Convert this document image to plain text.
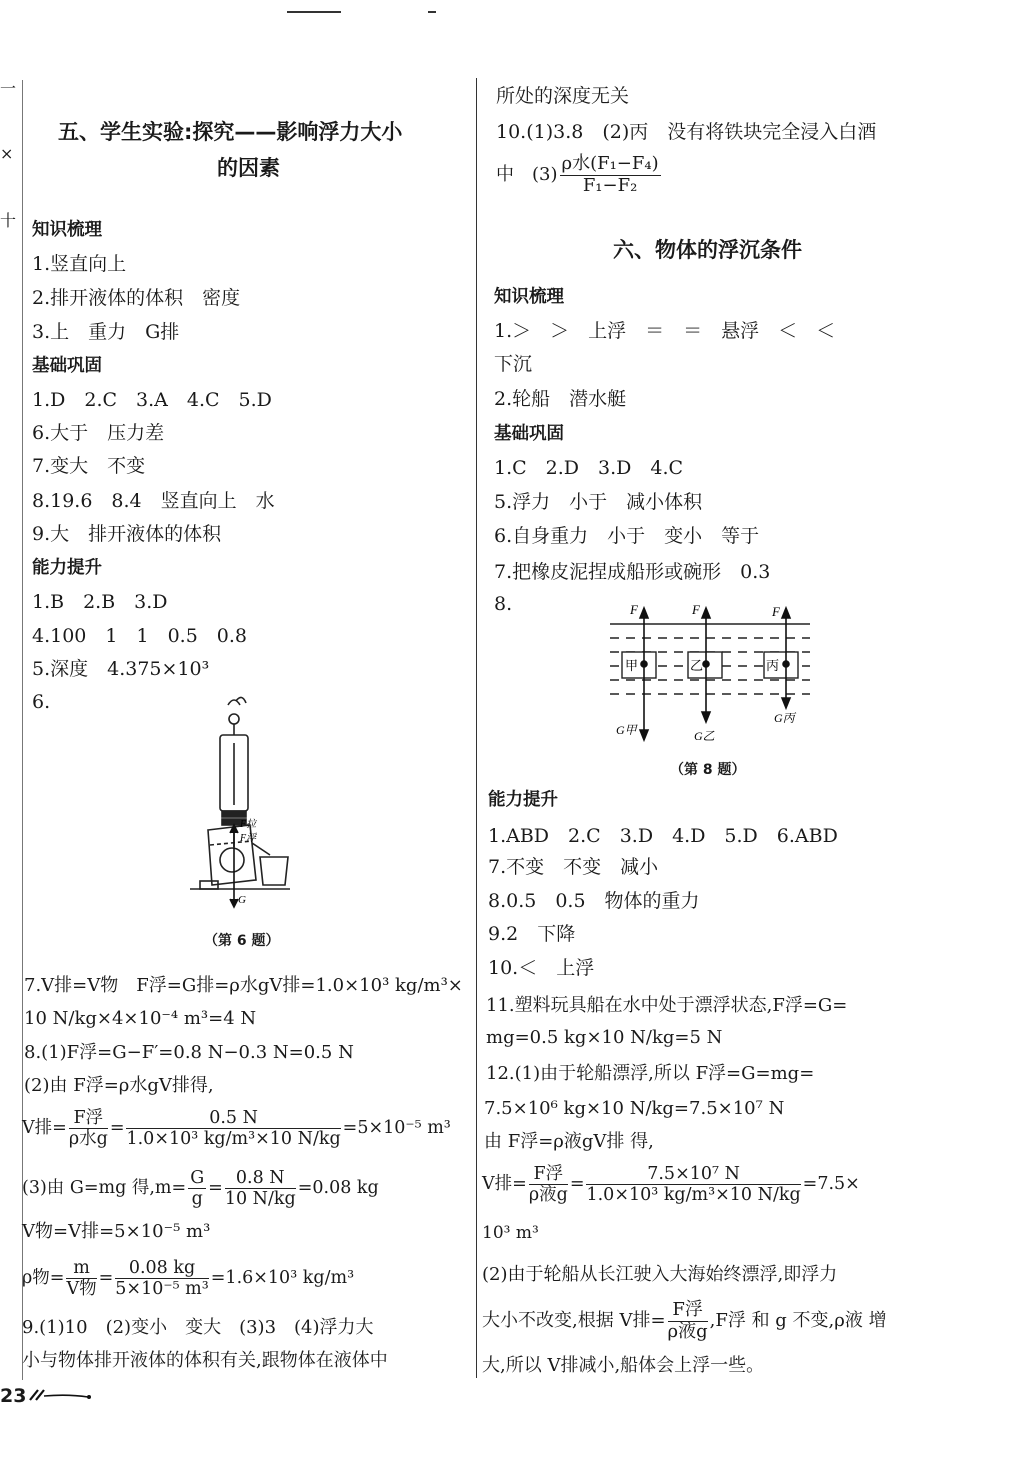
一
×
十
五、学生实验:探究——影响浮力大小
的因素
知识梳理
1.竖直向上
2.排开液体的体积　密度
3.上　重力　G排
基础巩固
1.D　2.C　3.A　4.C　5.D
6.大于　压力差
7.变大　不变
8.19.6　8.4　竖直向上　水
9.大　排开液体的体积
能力提升
1.B　2.B　3.D
4.100　1　1　0.5　0.8
5.深度　4.375×10³
6.
F拉
F浮
G
（第 6 题）
7.V排=V物　F浮=G排=ρ水gV排=1.0×10³ kg/m³×
10 N/kg×4×10⁻⁴ m³=4 N
8.(1)F浮=G−F′=0.8 N−0.3 N=0.5 N
(2)由 F浮=ρ水gV排得,
V排= $\frac{\text{F浮}}{\text{ρ水g}} = \frac{0.5 N}{\text{1.0×10³ kg/m³×10 N/kg}} =5\times 10^{-5}$ m³
(3)由 G=mg 得$,m= \frac{G}{g} = \frac{0.8 N}{10 N/kg} =0.08$ kg
V物=V排=5×10⁻⁵ m³
ρ物= $\frac{m}{\text{V物}} = \frac{0.08 kg}{\text{5×10⁻⁵ m³}} =1.6\times 10^3$ kg/m³
9.(1)10　(2)变小　变大　(3)3　(4)浮力大
小与物体排开液体的体积有关,跟物体在液体中
23
所处的深度无关
10.(1)3.8　(2)丙　没有将铁块完全浸入白酒
中　$(3) \frac{\text{ρ水(F₁−F₄)}}{\text{F₁−F₂}}$
六、物体的浮沉条件
知识梳理
1.＞　＞　上浮　＝　＝　悬浮　＜　＜
下沉
2.轮船　潜水艇
基础巩固
1.C　2.D　3.D　4.C
5.浮力　小于　减小体积
6.自身重力　小于　变小　等于
7.把橡皮泥捏成船形或碗形　0.3
8.	F	F	F
甲	乙	丙
G甲	G乙
G丙
（第 8 题）
能力提升
1.ABD　2.C　3.D　4.D　5.D　6.ABD
7.不变　不变　减小
8.0.5　0.5　物体的重力
9.2　下降
10.＜　上浮
11.塑料玩具船在水中处于漂浮状态,F浮=G=
mg=0.5 kg×10 N/kg=5 N
12.(1)由于轮船漂浮,所以 F浮=G=mg=
7.5×10⁶ kg×10 N/kg=7.5×10⁷ N
由 F浮=ρ液gV排 得,
V排= $\frac{\text{F浮}}{\text{ρ液g}} = \frac{\text{7.5×10⁷ N}}{\text{1.0×10³ kg/m³×10 N/kg}} =7.5\times$
10³ m³
(2)由于轮船从长江驶入大海始终漂浮,即浮力
大小不改变,根据 V排= $\frac{\text{F浮}}{\text{ρ液g}} ,F$浮 和 g 不变,ρ液 增
大,所以 V排减小,船体会上浮一些。
